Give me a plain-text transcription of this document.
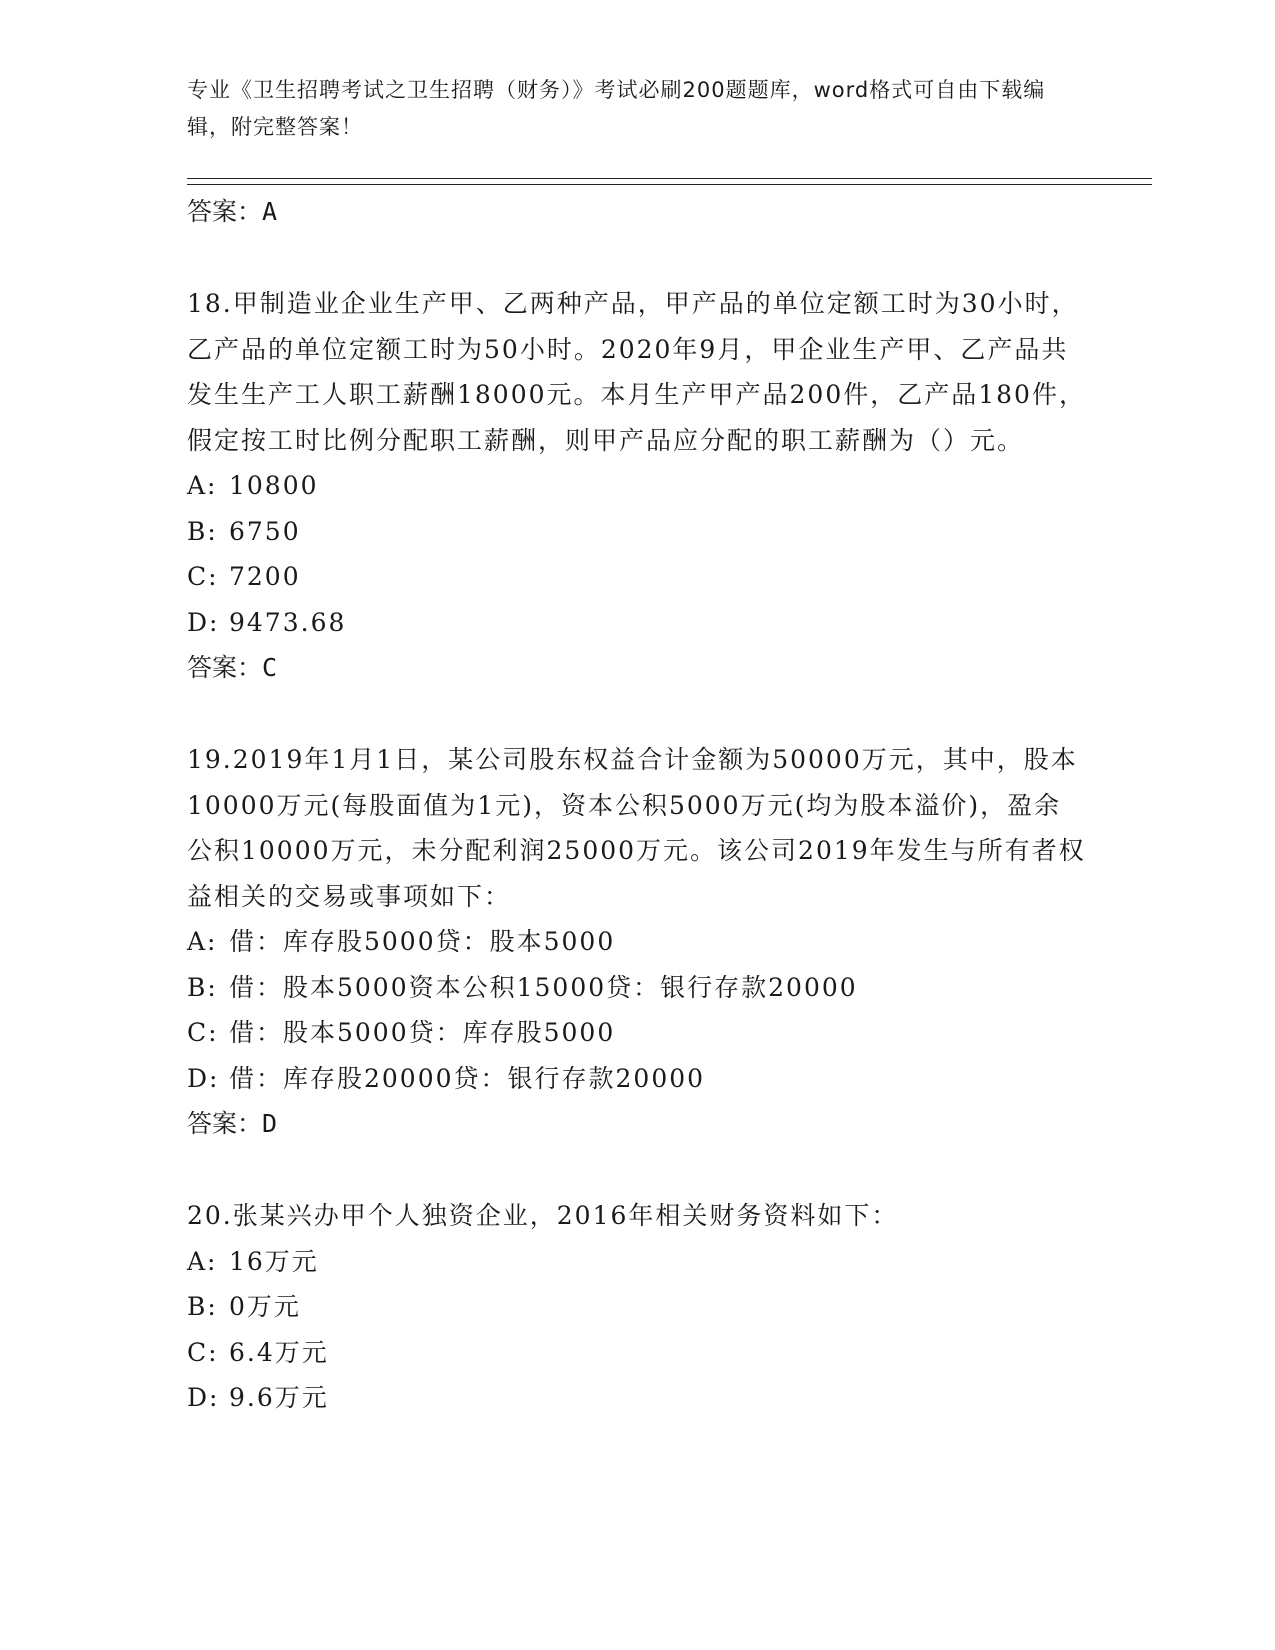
专业《卫生招聘考试之卫生招聘（财务）》考试必刷200题题库，word格式可自由下载编辑，附完整答案！

答案：A

18.甲制造业企业生产甲、乙两种产品，甲产品的单位定额工时为30小时，乙产品的单位定额工时为50小时。2020年9月，甲企业生产甲、乙产品共发生生产工人职工薪酬18000元。本月生产甲产品200件，乙产品180件，假定按工时比例分配职工薪酬，则甲产品应分配的职工薪酬为（）元。

A: 10800

B: 6750

C: 7200

D: 9473.68

答案：C

19.2019年1月1日，某公司股东权益合计金额为50000万元，其中，股本10000万元(每股面值为1元)，资本公积5000万元(均为股本溢价)，盈余公积10000万元，未分配利润25000万元。该公司2019年发生与所有者权益相关的交易或事项如下：

A: 借：库存股5000贷：股本5000

B: 借：股本5000资本公积15000贷：银行存款20000

C: 借：股本5000贷：库存股5000

D: 借：库存股20000贷：银行存款20000

答案：D

20.张某兴办甲个人独资企业，2016年相关财务资料如下：

A: 16万元

B: 0万元

C: 6.4万元

D: 9.6万元
